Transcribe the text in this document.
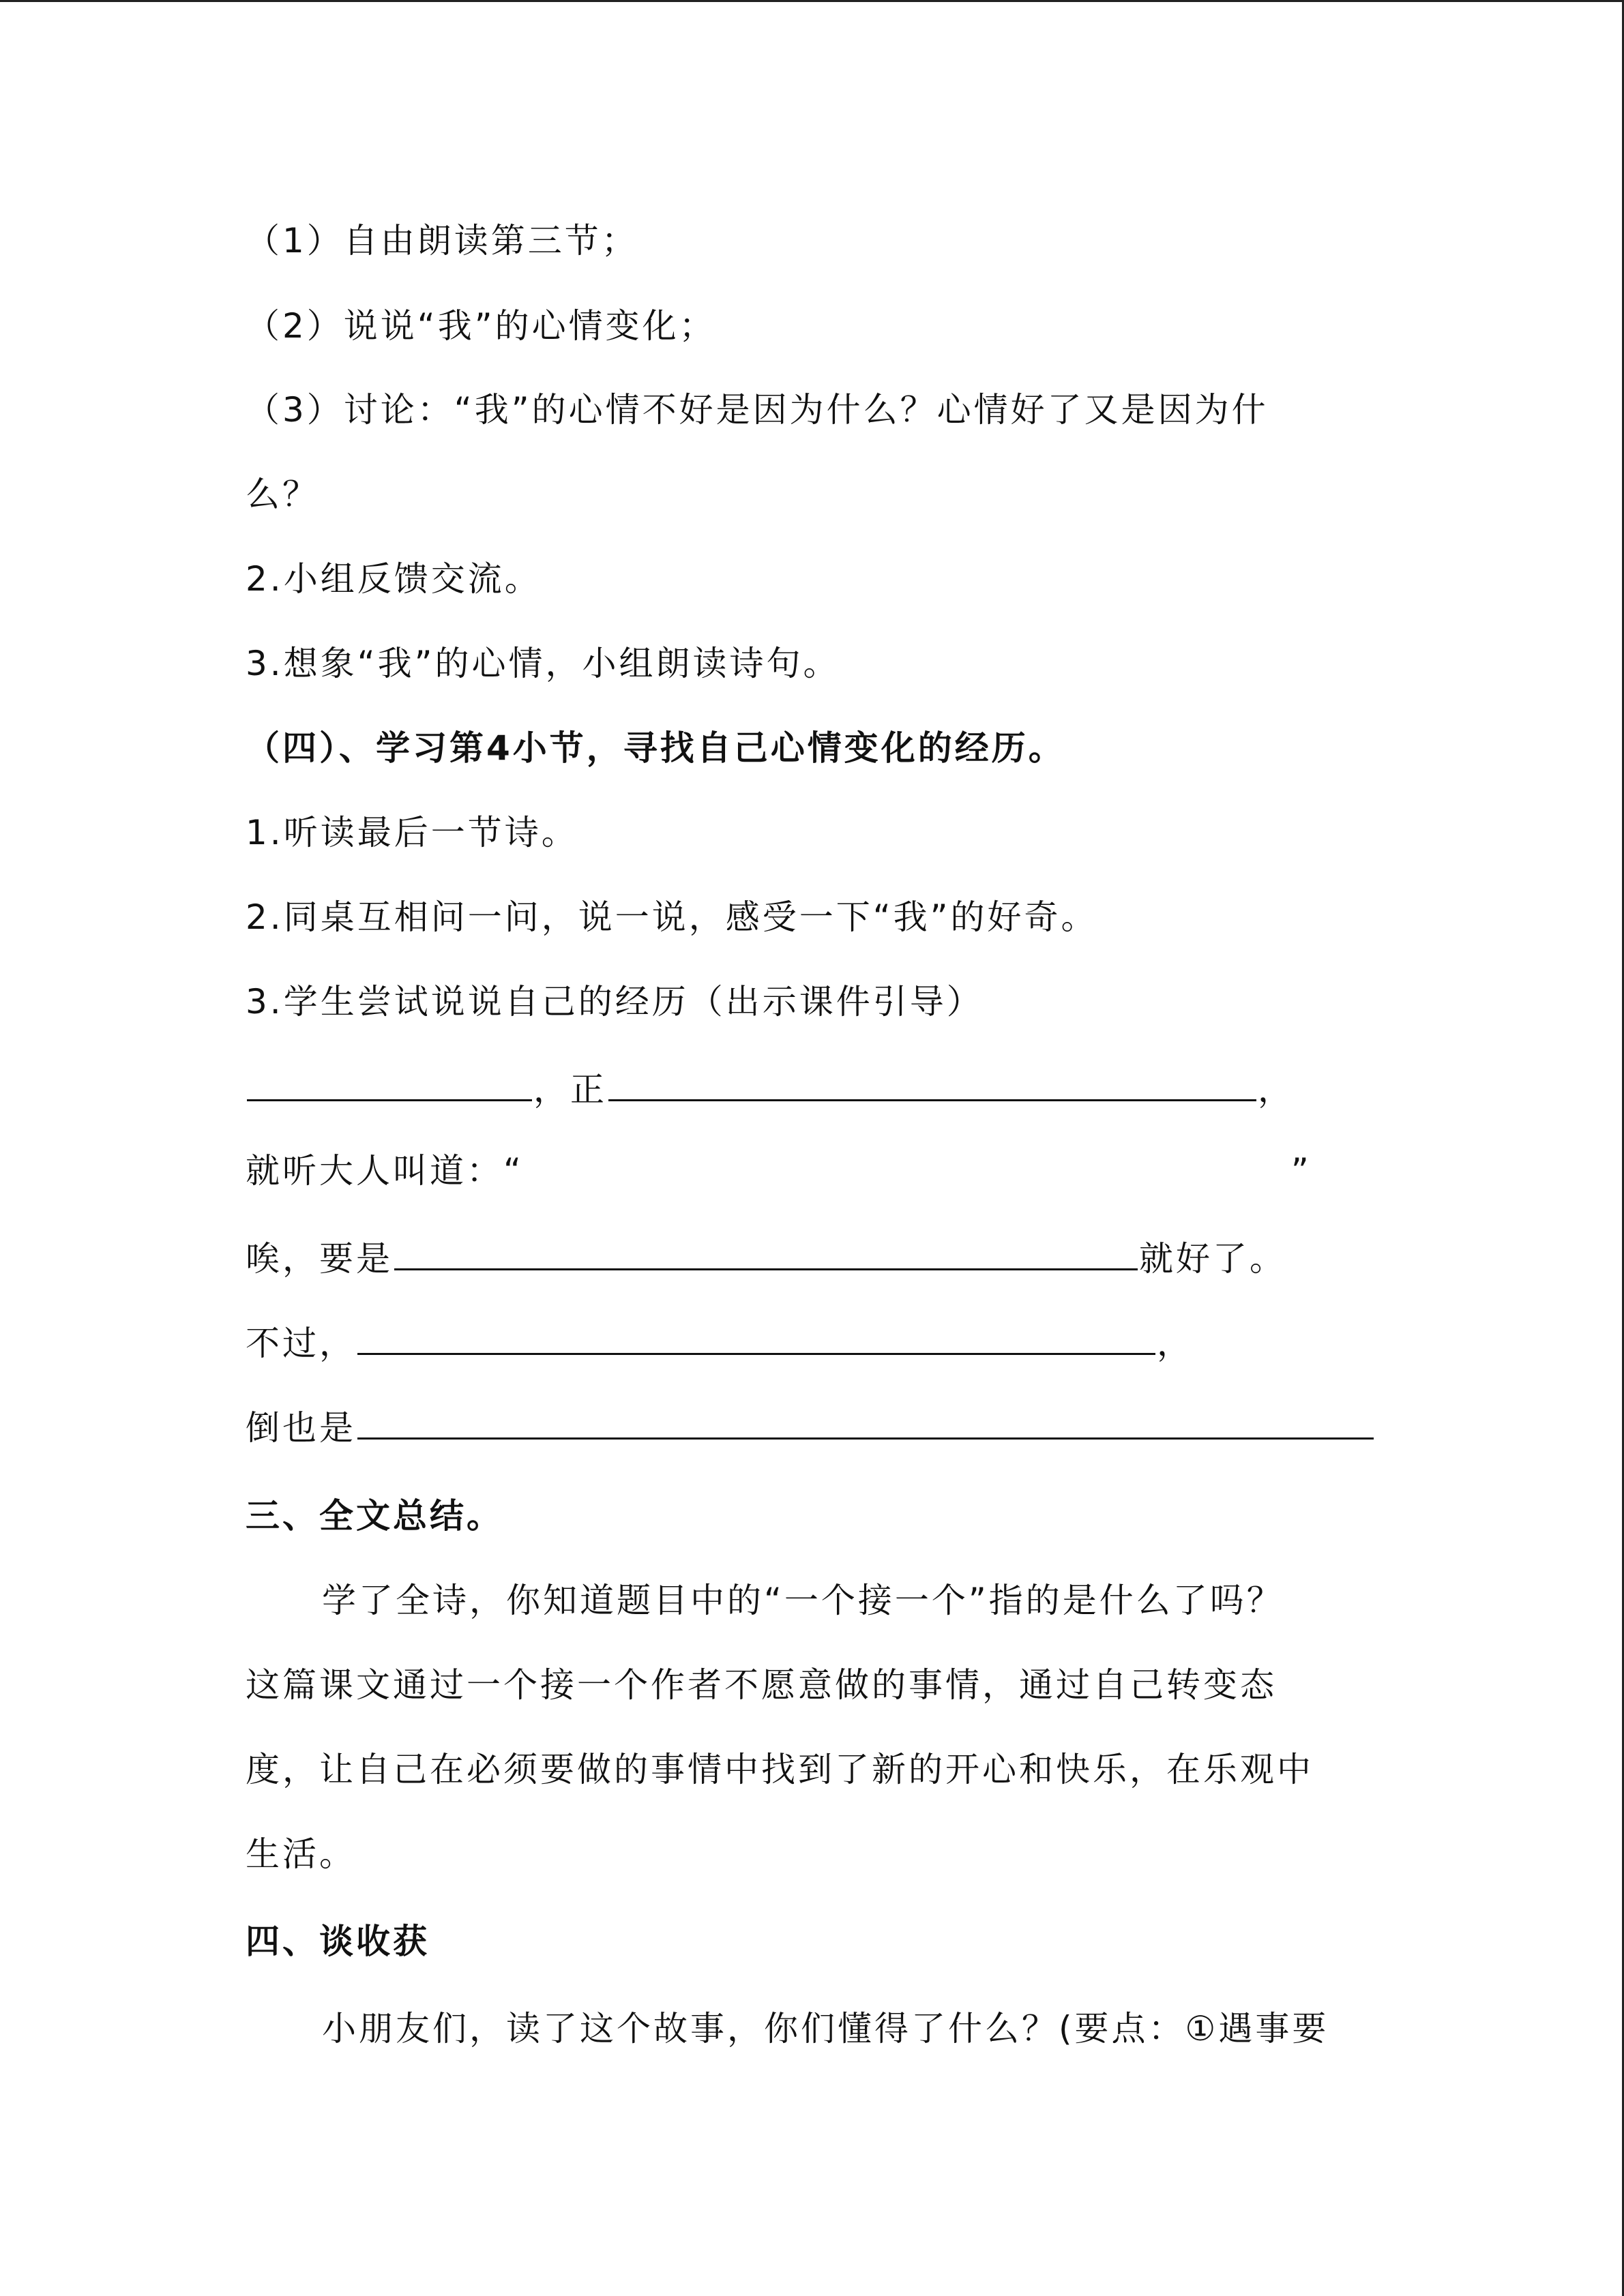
（1）自由朗读第三节；
（2）说说“我”的心情变化；
（3）讨论：“我”的心情不好是因为什么？心情好了又是因为什
么？
2.小组反馈交流。
3.想象“我”的心情，小组朗读诗句。
（四）、学习第4小节，寻找自己心情变化的经历。
1.听读最后一节诗。
2.同桌互相问一问，说一说，感受一下“我”的好奇。
3.学生尝试说说自己的经历（出示课件引导）
，正	，
就听大人叫道：“	”
唉，要是	就好了。
不过，	，
倒也是
三、全文总结。
学了全诗，你知道题目中的“一个接一个”指的是什么了吗？
这篇课文通过一个接一个作者不愿意做的事情，通过自己转变态
度，让自己在必须要做的事情中找到了新的开心和快乐，在乐观中
生活。
四、谈收获
小朋友们，读了这个故事，你们懂得了什么？(要点：①遇事要
